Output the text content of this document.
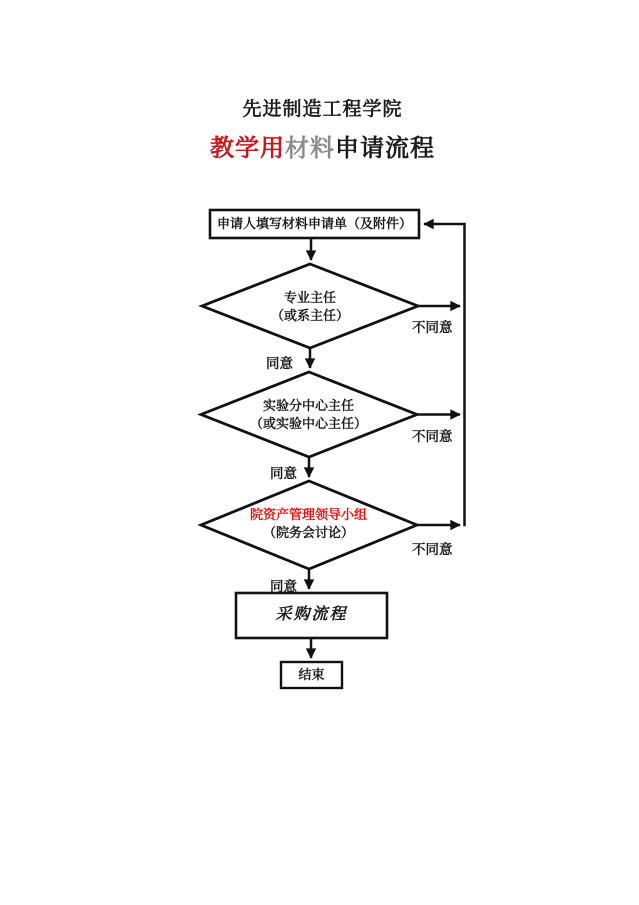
先进制造工程学院
教学用材料申请流程
申请人填写材料申请单（及附件）
专业主任
（或系主任）
实验分中心主任
（或实验中心主任）
院资产管理领导小组
（院务会讨论）
采购流程
结束
同意
同意
同意
不同意
不同意
不同意
